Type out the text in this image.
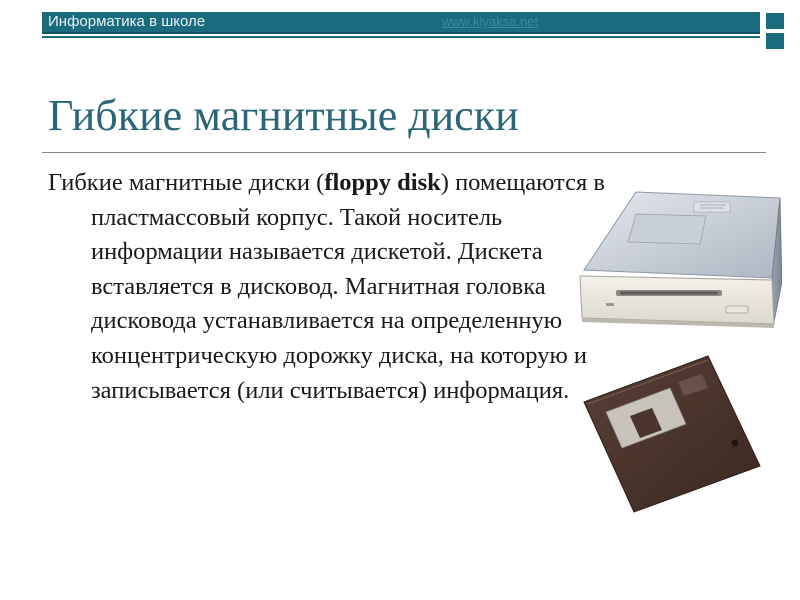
Информатика в школе	www.klyaksa.net
Гибкие магнитные диски
Гибкие магнитные диски (floppy disk) помещаются в пластмассовый корпус. Такой носитель информации называется дискетой. Дискета вставляется в дисковод. Магнитная головка дисковода устанавливается на определенную концентрическую дорожку диска, на которую и записывается (или считывается) информация.
